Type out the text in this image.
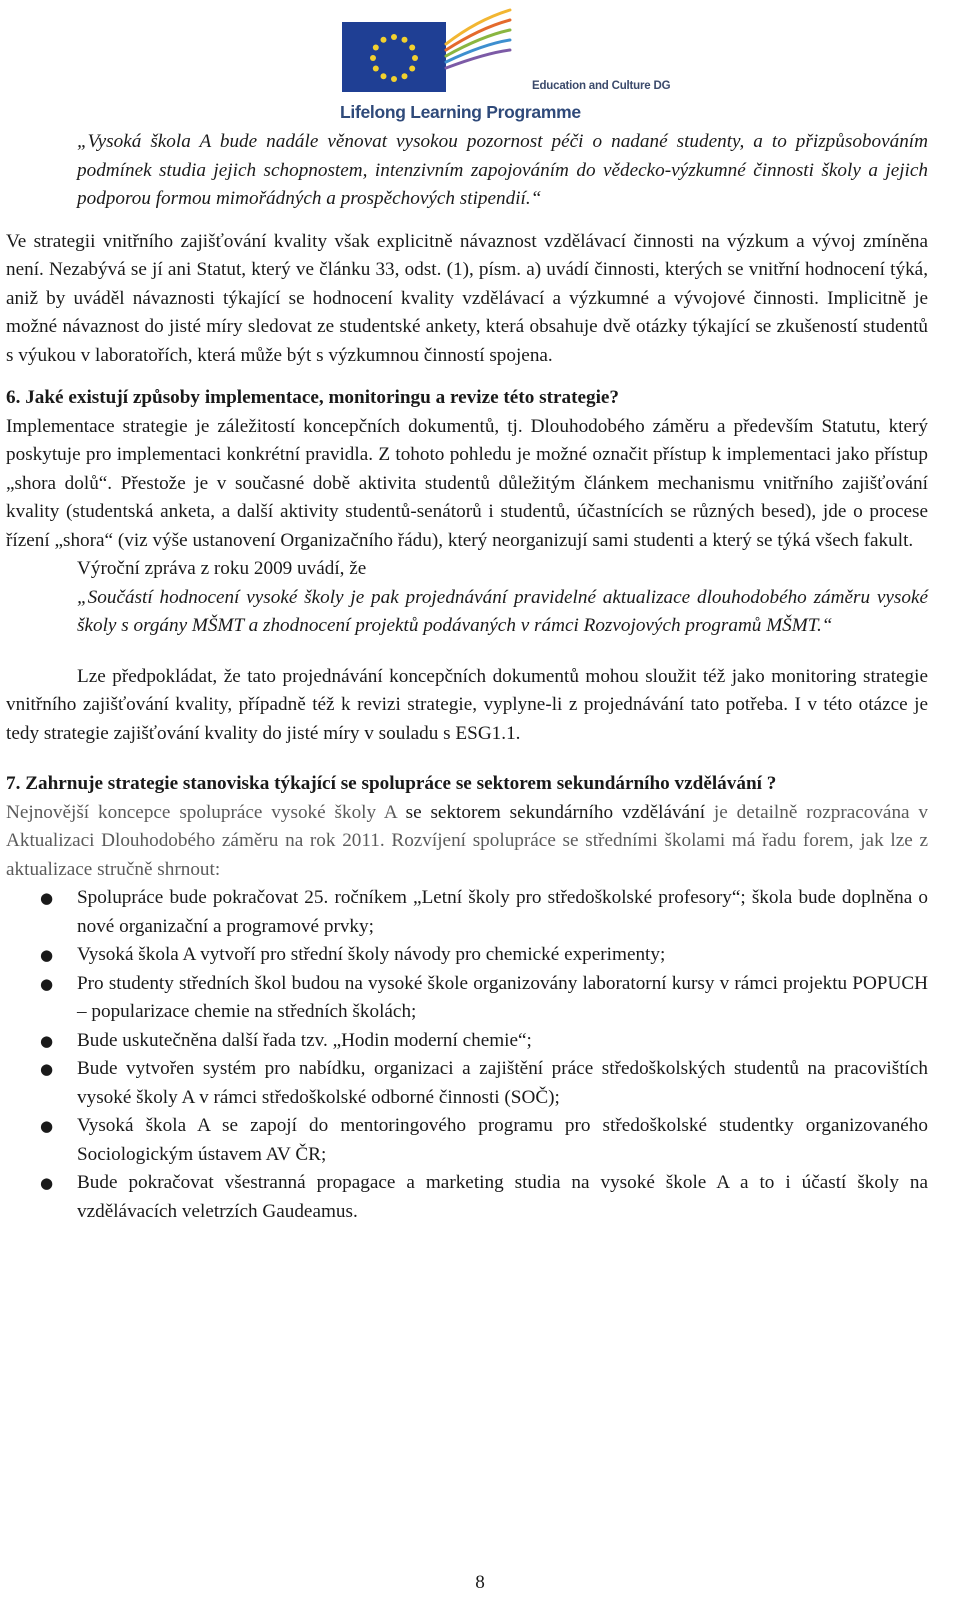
Education and Culture DG
Lifelong Learning Programme

„Vysoká škola A bude nadále věnovat vysokou pozornost péči o nadané studenty, a to přizpůsobováním podmínek studia jejich schopnostem, intenzivním zapojováním do vědecko-výzkumné činnosti školy a jejich podporou formou mimořádných a prospěchových stipendií.“

Ve strategii vnitřního zajišťování kvality však explicitně návaznost vzdělávací činnosti na výzkum a vývoj zmíněna není. Nezabývá se jí ani Statut, který ve článku 33, odst. (1), písm. a) uvádí činnosti, kterých se vnitřní hodnocení týká, aniž by uváděl návaznosti týkající se hodnocení kvality vzdělávací a výzkumné a vývojové činnosti. Implicitně je možné návaznost do jisté míry sledovat ze studentské ankety, která obsahuje dvě otázky týkající se zkušeností studentů s výukou v laboratořích, která může být s výzkumnou činností spojena.

6. Jaké existují způsoby implementace, monitoringu a revize této strategie?

Implementace strategie je záležitostí koncepčních dokumentů, tj. Dlouhodobého záměru a především Statutu, který poskytuje pro implementaci konkrétní pravidla. Z tohoto pohledu je možné označit přístup k implementaci jako přístup „shora dolů“. Přestože je v současné době aktivita studentů důležitým článkem mechanismu vnitřního zajišťování kvality (studentská anketa, a další aktivity studentů-senátorů i studentů, účastnících se různých besed), jde o procese řízení „shora“ (viz výše ustanovení Organizačního řádu), který neorganizují sami studenti a který se týká všech fakult.

Výroční zpráva z roku 2009 uvádí, že

„Součástí hodnocení vysoké školy je pak projednávání pravidelné aktualizace dlouhodobého záměru vysoké školy s orgány MŠMT a zhodnocení projektů podávaných v rámci Rozvojových programů MŠMT.“

Lze předpokládat, že tato projednávání koncepčních dokumentů mohou sloužit též jako monitoring strategie vnitřního zajišťování kvality, případně též k revizi strategie, vyplyne-li z projednávání tato potřeba. I v této otázce je tedy strategie zajišťování kvality do jisté míry v souladu s ESG1.1.

7. Zahrnuje strategie stanoviska týkající se spolupráce se sektorem sekundárního vzdělávání ?

Nejnovější koncepce spolupráce vysoké školy A se sektorem sekundárního vzdělávání je detailně rozpracována v Aktualizaci Dlouhodobého záměru na rok 2011. Rozvíjení spolupráce se středními školami má řadu forem, jak lze z aktualizace stručně shrnout:

● Spolupráce bude pokračovat 25. ročníkem „Letní školy pro středoškolské profesory“; škola bude doplněna o nové organizační a programové prvky;
● Vysoká škola A vytvoří pro střední školy návody pro chemické experimenty;
● Pro studenty středních škol budou na vysoké škole organizovány laboratorní kursy v rámci projektu POPUCH – popularizace chemie na středních školách;
● Bude uskutečněna další řada tzv. „Hodin moderní chemie“;
● Bude vytvořen systém pro nabídku, organizaci a zajištění práce středoškolských studentů na pracovištích vysoké školy A v rámci středoškolské odborné činnosti (SOČ);
● Vysoká škola A se zapojí do mentoringového programu pro středoškolské studentky organizovaného Sociologickým ústavem AV ČR;
● Bude pokračovat všestranná propagace a marketing studia na vysoké škole A a to i účastí školy na vzdělávacích veletrzích Gaudeamus.
8
